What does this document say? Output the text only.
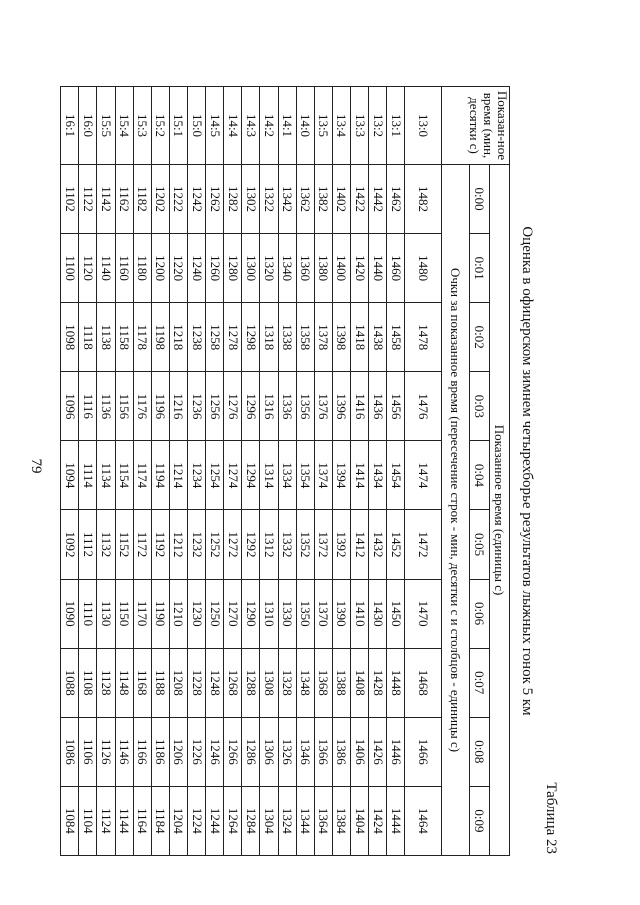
79
Таблица 23
Оценка в офицерском зимнем четырехборье результатов лыжных гонок 5 км
Показан-ное время (мин, десятки с)	Показанное время (единицы с)									
	0:00	0:01	0:02	0:03	0:04	0:05	0:06	0:07	0:08	0:09
	Очки за показанное время (пересечение строк - мин, десятки с и столбцов - единицы с)									
13:0	1482	1480	1478	1476	1474	1472	1470	1468	1466	1464
13:1	1462	1460	1458	1456	1454	1452	1450	1448	1446	1444
13:2	1442	1440	1438	1436	1434	1432	1430	1428	1426	1424
13:3	1422	1420	1418	1416	1414	1412	1410	1408	1406	1404
13:4	1402	1400	1398	1396	1394	1392	1390	1388	1386	1384
13:5	1382	1380	1378	1376	1374	1372	1370	1368	1366	1364
14:0	1362	1360	1358	1356	1354	1352	1350	1348	1346	1344
14:1	1342	1340	1338	1336	1334	1332	1330	1328	1326	1324
14:2	1322	1320	1318	1316	1314	1312	1310	1308	1306	1304
14:3	1302	1300	1298	1296	1294	1292	1290	1288	1286	1284
14:4	1282	1280	1278	1276	1274	1272	1270	1268	1266	1264
14:5	1262	1260	1258	1256	1254	1252	1250	1248	1246	1244
15:0	1242	1240	1238	1236	1234	1232	1230	1228	1226	1224
15:1	1222	1220	1218	1216	1214	1212	1210	1208	1206	1204
15:2	1202	1200	1198	1196	1194	1192	1190	1188	1186	1184
15:3	1182	1180	1178	1176	1174	1172	1170	1168	1166	1164
15:4	1162	1160	1158	1156	1154	1152	1150	1148	1146	1144
15:5	1142	1140	1138	1136	1134	1132	1130	1128	1126	1124
16:0	1122	1120	1118	1116	1114	1112	1110	1108	1106	1104
16:1	1102	1100	1098	1096	1094	1092	1090	1088	1086	1084
